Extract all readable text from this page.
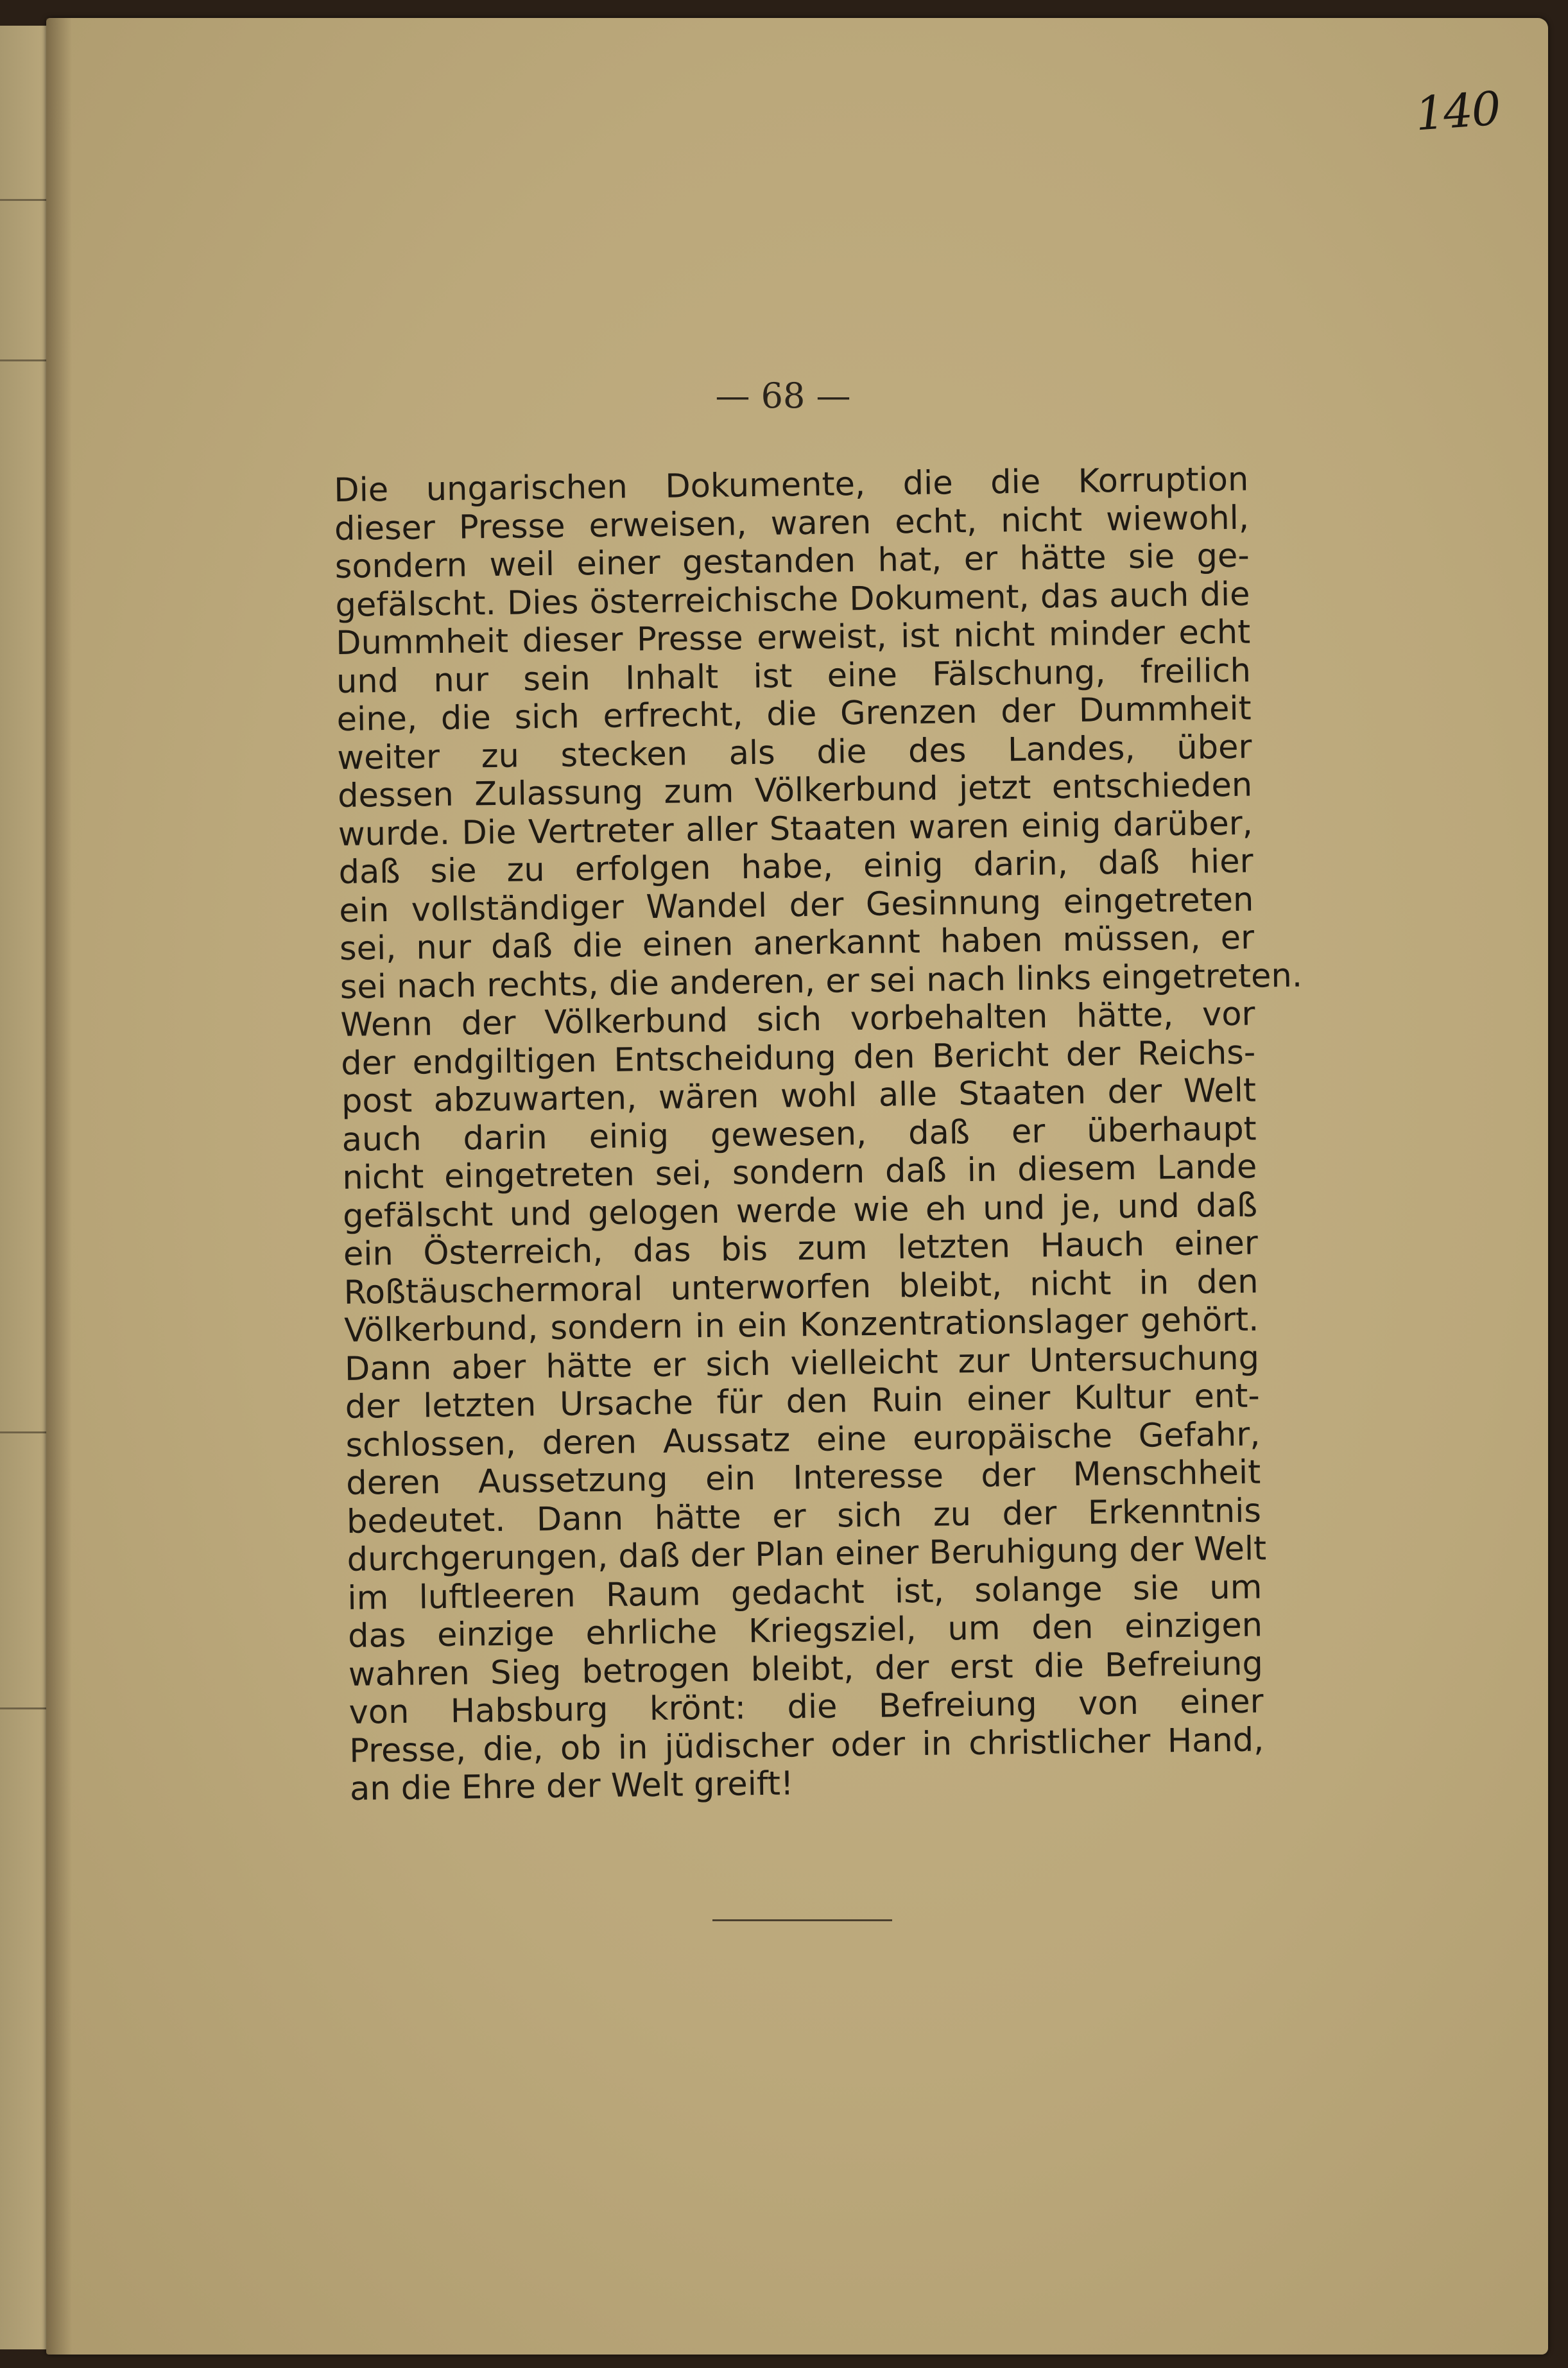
140
— 68 —
Die ungarischen Dokumente, die die Korruption
dieser Presse erweisen, waren echt, nicht wiewohl,
sondern weil einer gestanden hat, er hätte sie ge-
gefälscht. Dies österreichische Dokument, das auch die
Dummheit dieser Presse erweist, ist nicht minder echt
und nur sein Inhalt ist eine Fälschung, freilich
eine, die sich erfrecht, die Grenzen der Dummheit
weiter zu stecken als die des Landes, über
dessen Zulassung zum Völkerbund jetzt entschieden
wurde. Die Vertreter aller Staaten waren einig darüber,
daß sie zu erfolgen habe, einig darin, daß hier
ein vollständiger Wandel der Gesinnung eingetreten
sei, nur daß die einen anerkannt haben müssen, er
sei nach rechts, die anderen, er sei nach links eingetreten.
Wenn der Völkerbund sich vorbehalten hätte, vor
der endgiltigen Entscheidung den Bericht der Reichs-
post abzuwarten, wären wohl alle Staaten der Welt
auch darin einig gewesen, daß er überhaupt
nicht eingetreten sei, sondern daß in diesem Lande
gefälscht und gelogen werde wie eh und je, und daß
ein Österreich, das bis zum letzten Hauch einer
Roßtäuschermoral unterworfen bleibt, nicht in den
Völkerbund, sondern in ein Konzentrationslager gehört.
Dann aber hätte er sich vielleicht zur Untersuchung
der letzten Ursache für den Ruin einer Kultur ent-
schlossen, deren Aussatz eine europäische Gefahr,
deren Aussetzung ein Interesse der Menschheit
bedeutet. Dann hätte er sich zu der Erkenntnis
durchgerungen, daß der Plan einer Beruhigung der Welt
im luftleeren Raum gedacht ist, solange sie um
das einzige ehrliche Kriegsziel, um den einzigen
wahren Sieg betrogen bleibt, der erst die Befreiung
von Habsburg krönt: die Befreiung von einer
Presse, die, ob in jüdischer oder in christlicher Hand,
an die Ehre der Welt greift!
